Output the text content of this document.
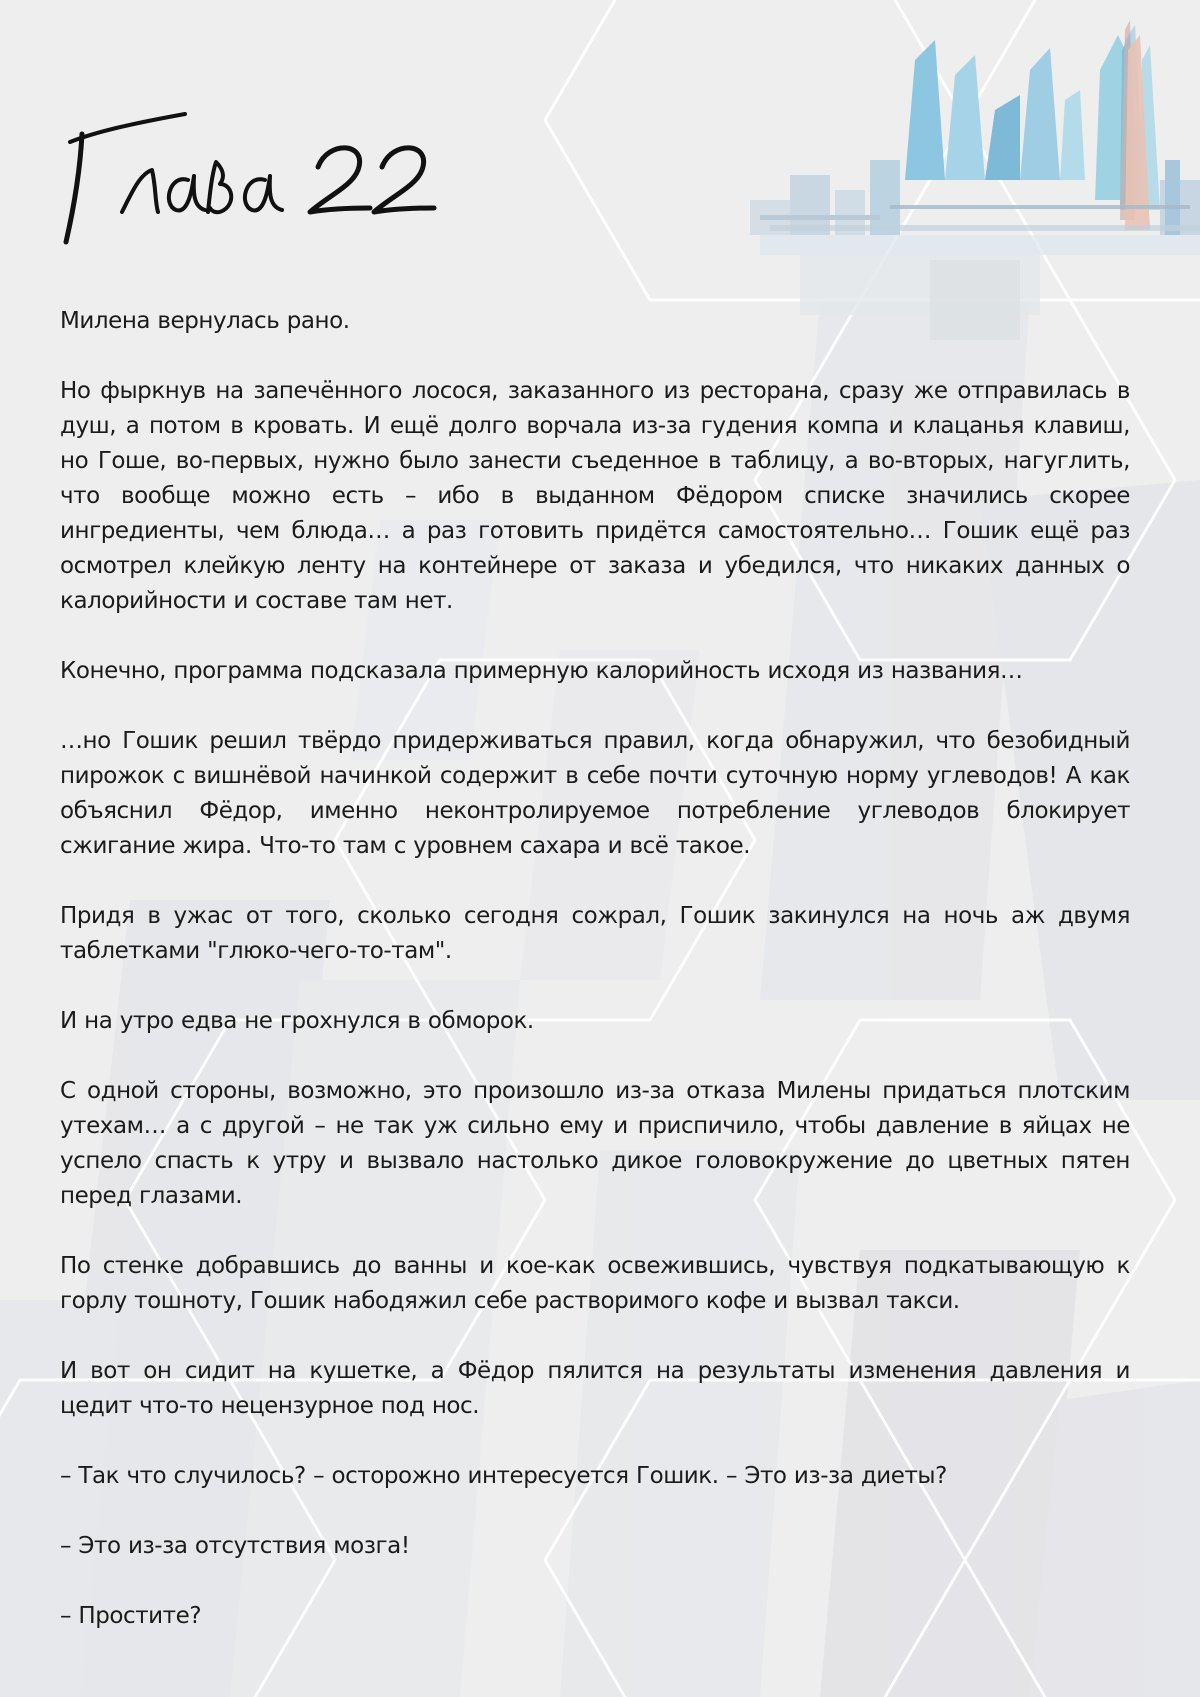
Милена вернулась рано.

Но фыркнув на запечённого лосося, заказанного из ресторана, сразу же отправилась в душ, а потом в кровать. И ещё долго ворчала из-за гудения компа и клацанья клавиш, но Гоше, во-первых, нужно было занести съеденное в таблицу, а во-вторых, нагуглить, что вообще можно есть – ибо в выданном Фёдором списке значились скорее ингредиенты, чем блюда… а раз готовить придётся самостоятельно… Гошик ещё раз осмотрел клейкую ленту на контейнере от заказа и убедился, что никаких данных о калорийности и составе там нет.

Конечно, программа подсказала примерную калорийность исходя из названия…

…но Гошик решил твёрдо придерживаться правил, когда обнаружил, что безобидный пирожок с вишнёвой начинкой содержит в себе почти суточную норму углеводов! А как объяснил Фёдор, именно неконтролируемое потребление углеводов блокирует сжигание жира. Что-то там с уровнем сахара и всё такое.

Придя в ужас от того, сколько сегодня сожрал, Гошик закинулся на ночь аж двумя таблетками "глюко-чего-то-там".

И на утро едва не грохнулся в обморок.

С одной стороны, возможно, это произошло из-за отказа Милены придаться плотским утехам… а с другой – не так уж сильно ему и приспичило, чтобы давление в яйцах не успело спасть к утру и вызвало настолько дикое головокружение до цветных пятен перед глазами.

По стенке добравшись до ванны и кое-как освежившись, чувствуя подкатывающую к горлу тошноту, Гошик набодяжил себе растворимого кофе и вызвал такси.

И вот он сидит на кушетке, а Фёдор пялится на результаты изменения давления и цедит что-то нецензурное под нос.

– Так что случилось? – осторожно интересуется Гошик. – Это из-за диеты?

– Это из-за отсутствия мозга!

– Простите?
